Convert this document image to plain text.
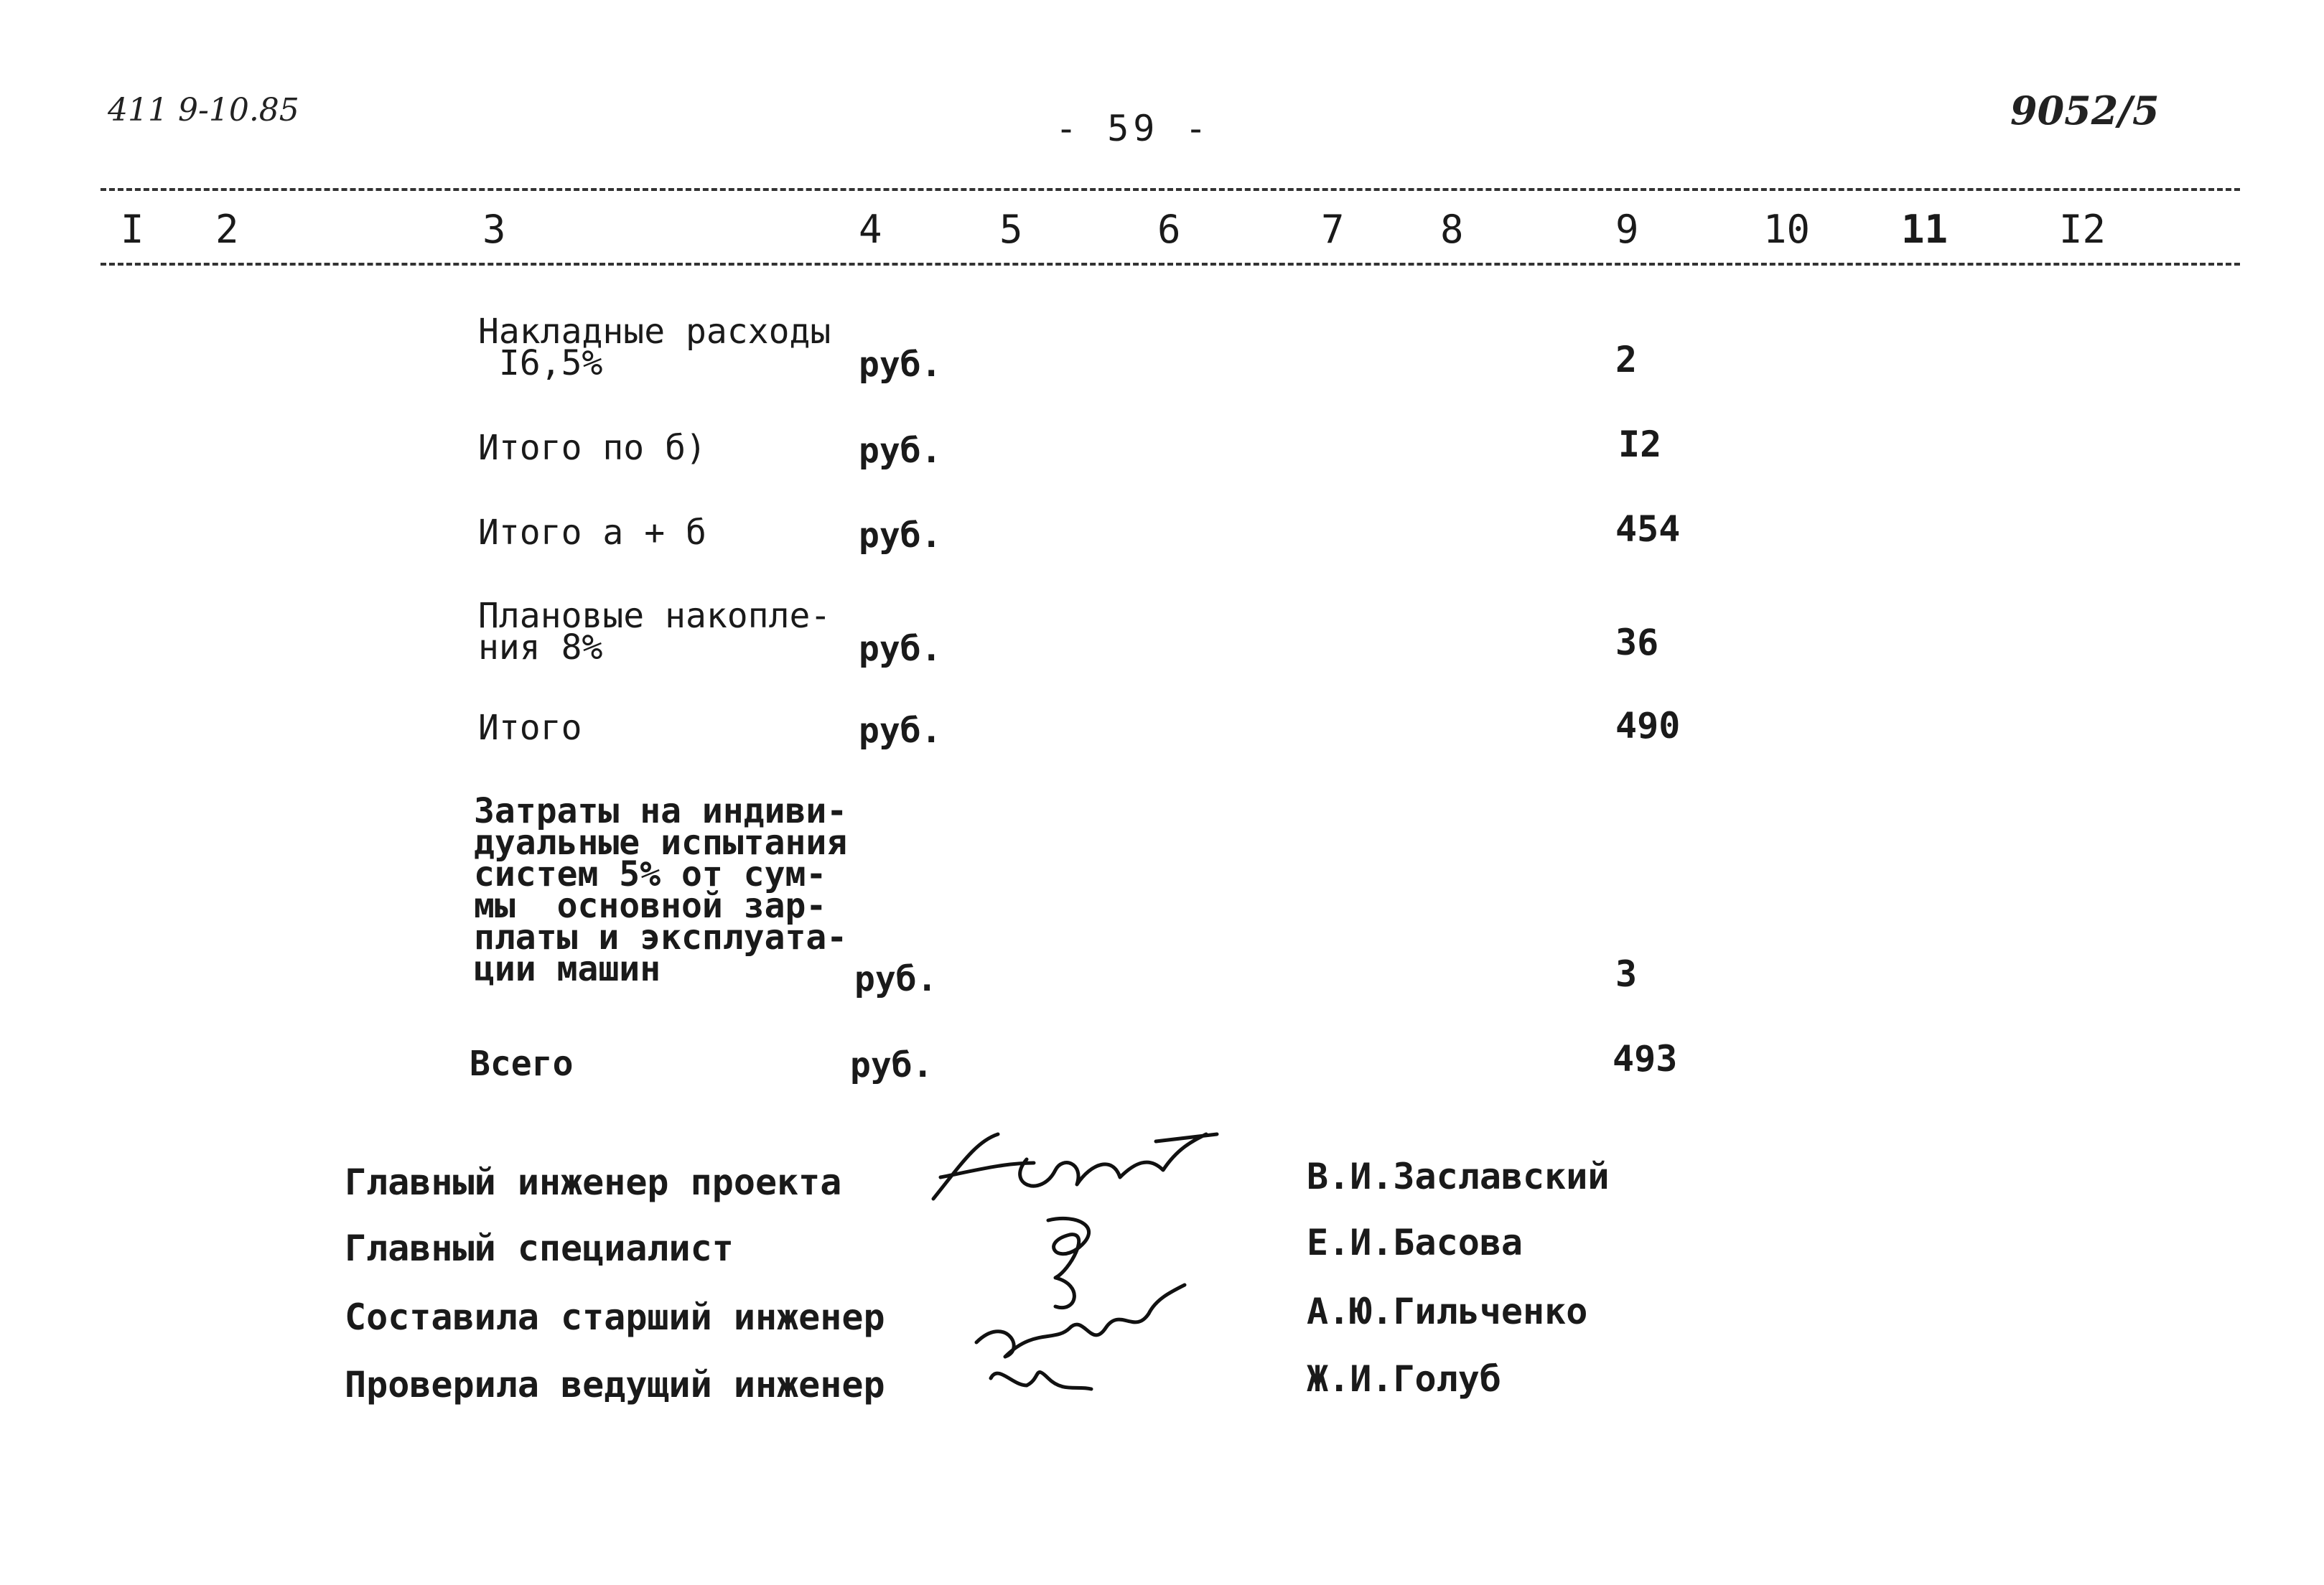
411 9-10.85	- 59 -	9052/5
I 2	3	4	5	6	7 8	9	10 11	I2
Накладные расходы
I6,5%	руб.	2
Итого по б)	руб.	I2
Итого а + б	руб.	454
Плановые накопле-
ния 8%	руб.	36
Итого	руб.	490
Затраты на индиви-
дуальные испытания
систем 5% от сум-
мы  основной зар-
платы и эксплуата-
ции машин	руб.	3
Всего	руб.	493
Главный инженер проекта	В.И.Заславский
Главный специалист	Е.И.Басова
Составила старший инженер	А.Ю.Гильченко
Проверила ведущий инженер	Ж.И.Голуб
